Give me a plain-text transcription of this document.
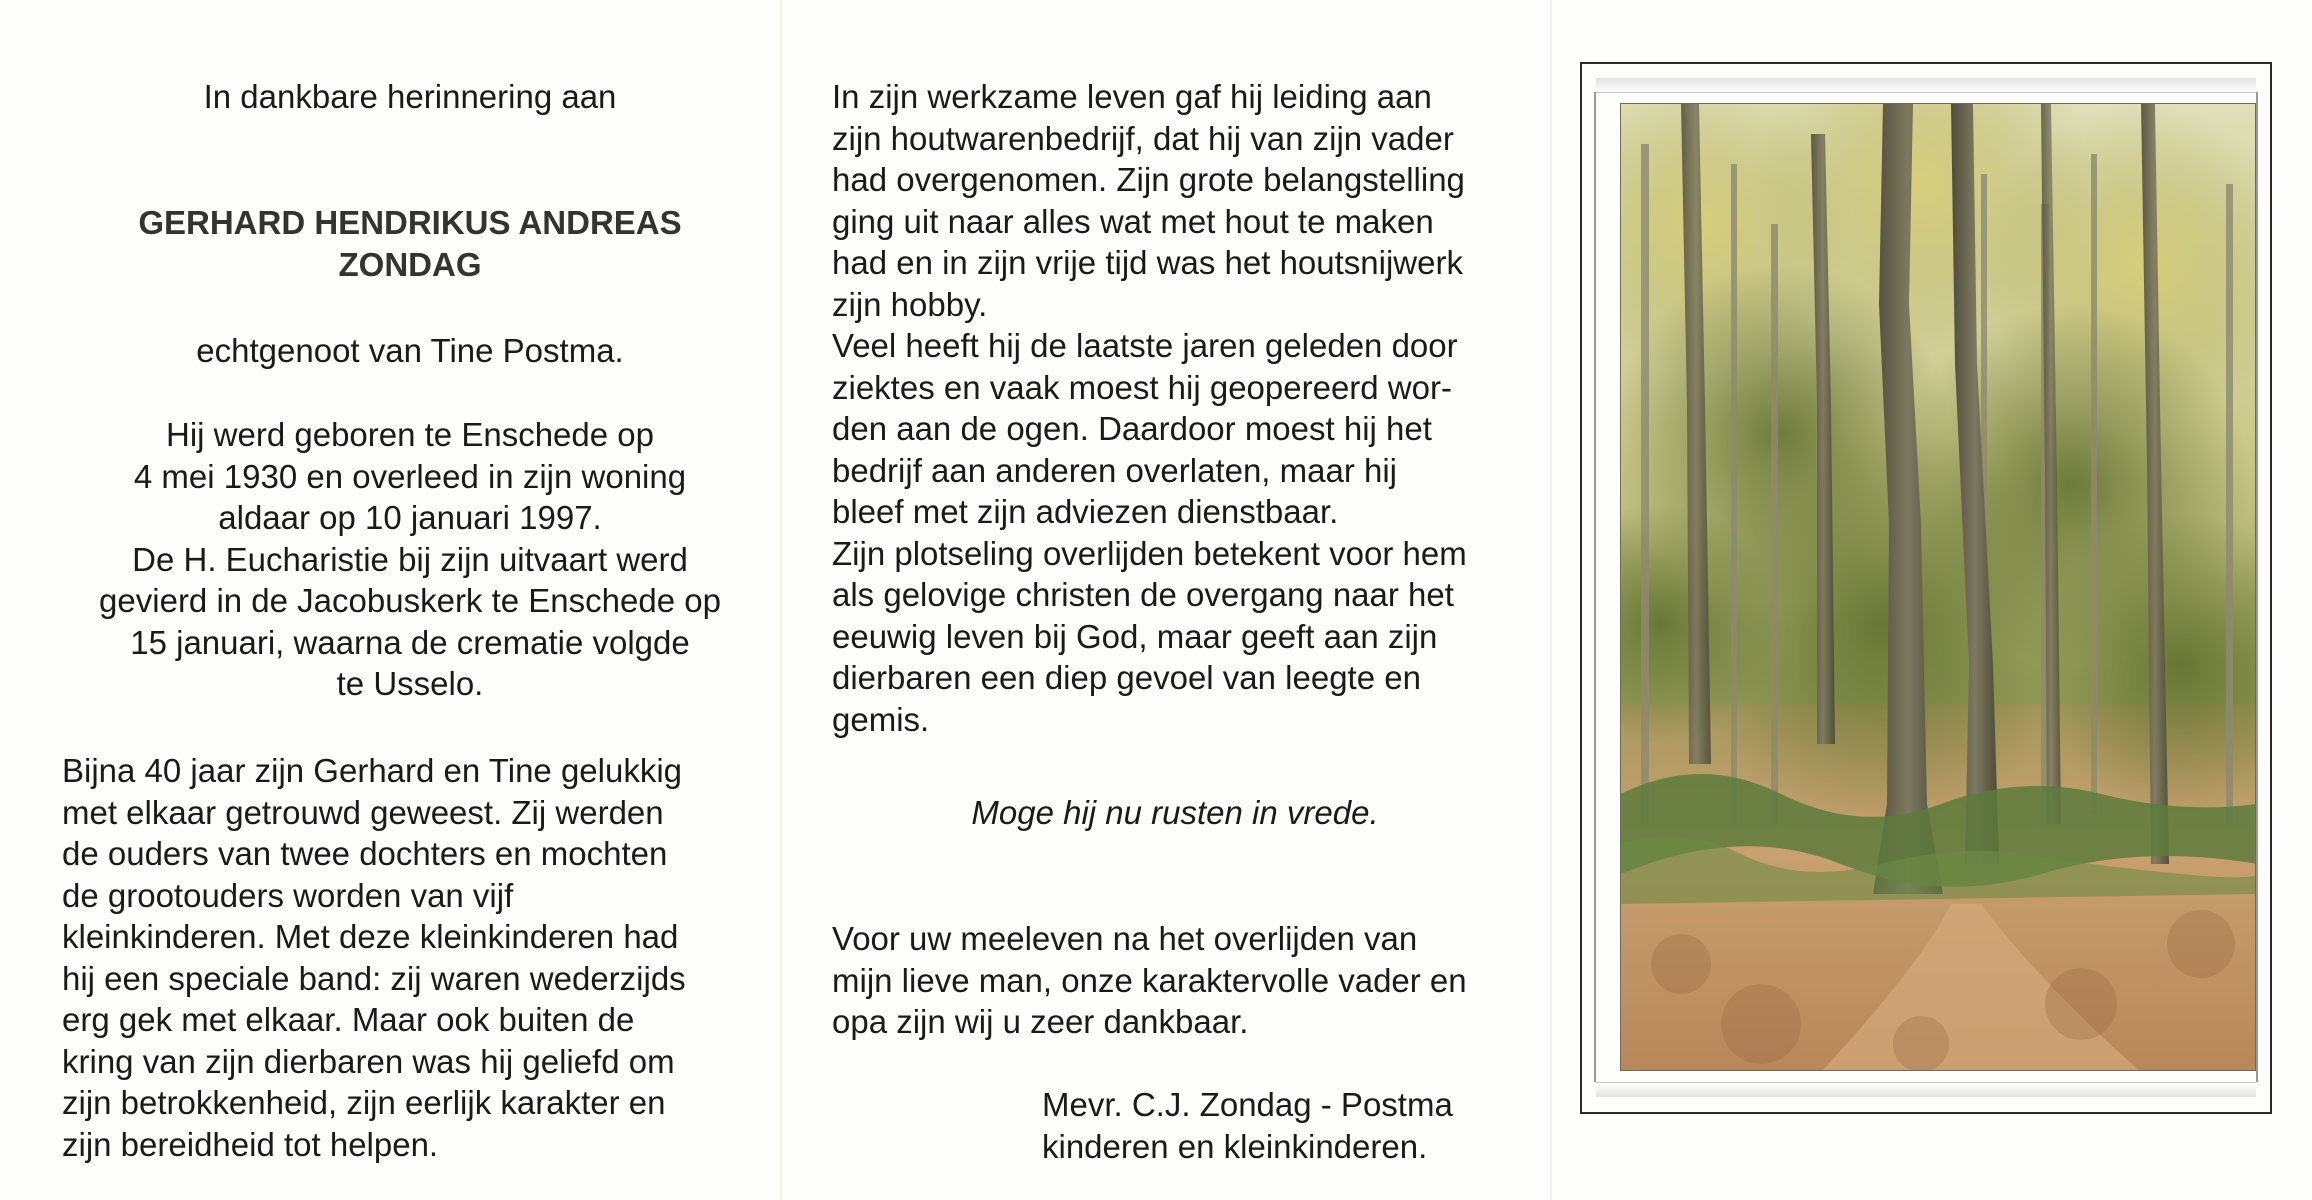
In dankbare herinnering aan
GERHARD HENDRIKUS ANDREAS
ZONDAG
echtgenoot van Tine Postma.
Hij werd geboren te Enschede op
4 mei 1930 en overleed in zijn woning
aldaar op 10 januari 1997.
De H. Eucharistie bij zijn uitvaart werd
gevierd in de Jacobuskerk te Enschede op
15 januari, waarna de crematie volgde
te Usselo.
Bijna 40 jaar zijn Gerhard en Tine gelukkig
met elkaar getrouwd geweest. Zij werden
de ouders van twee dochters en mochten
de grootouders worden van vijf
kleinkinderen. Met deze kleinkinderen had
hij een speciale band: zij waren wederzijds
erg gek met elkaar. Maar ook buiten de
kring van zijn dierbaren was hij geliefd om
zijn betrokkenheid, zijn eerlijk karakter en
zijn bereidheid tot helpen.
In zijn werkzame leven gaf hij leiding aan
zijn houtwarenbedrijf, dat hij van zijn vader
had overgenomen. Zijn grote belangstelling
ging uit naar alles wat met hout te maken
had en in zijn vrije tijd was het houtsnijwerk
zijn hobby.
Veel heeft hij de laatste jaren geleden door
ziektes en vaak moest hij geopereerd wor-
den aan de ogen. Daardoor moest hij het
bedrijf aan anderen overlaten, maar hij
bleef met zijn adviezen dienstbaar.
Zijn plotseling overlijden betekent voor hem
als gelovige christen de overgang naar het
eeuwig leven bij God, maar geeft aan zijn
dierbaren een diep gevoel van leegte en
gemis.
Moge hij nu rusten in vrede.
Voor uw meeleven na het overlijden van
mijn lieve man, onze karaktervolle vader en
opa zijn wij u zeer dankbaar.
Mevr. C.J. Zondag - Postma
kinderen en kleinkinderen.
